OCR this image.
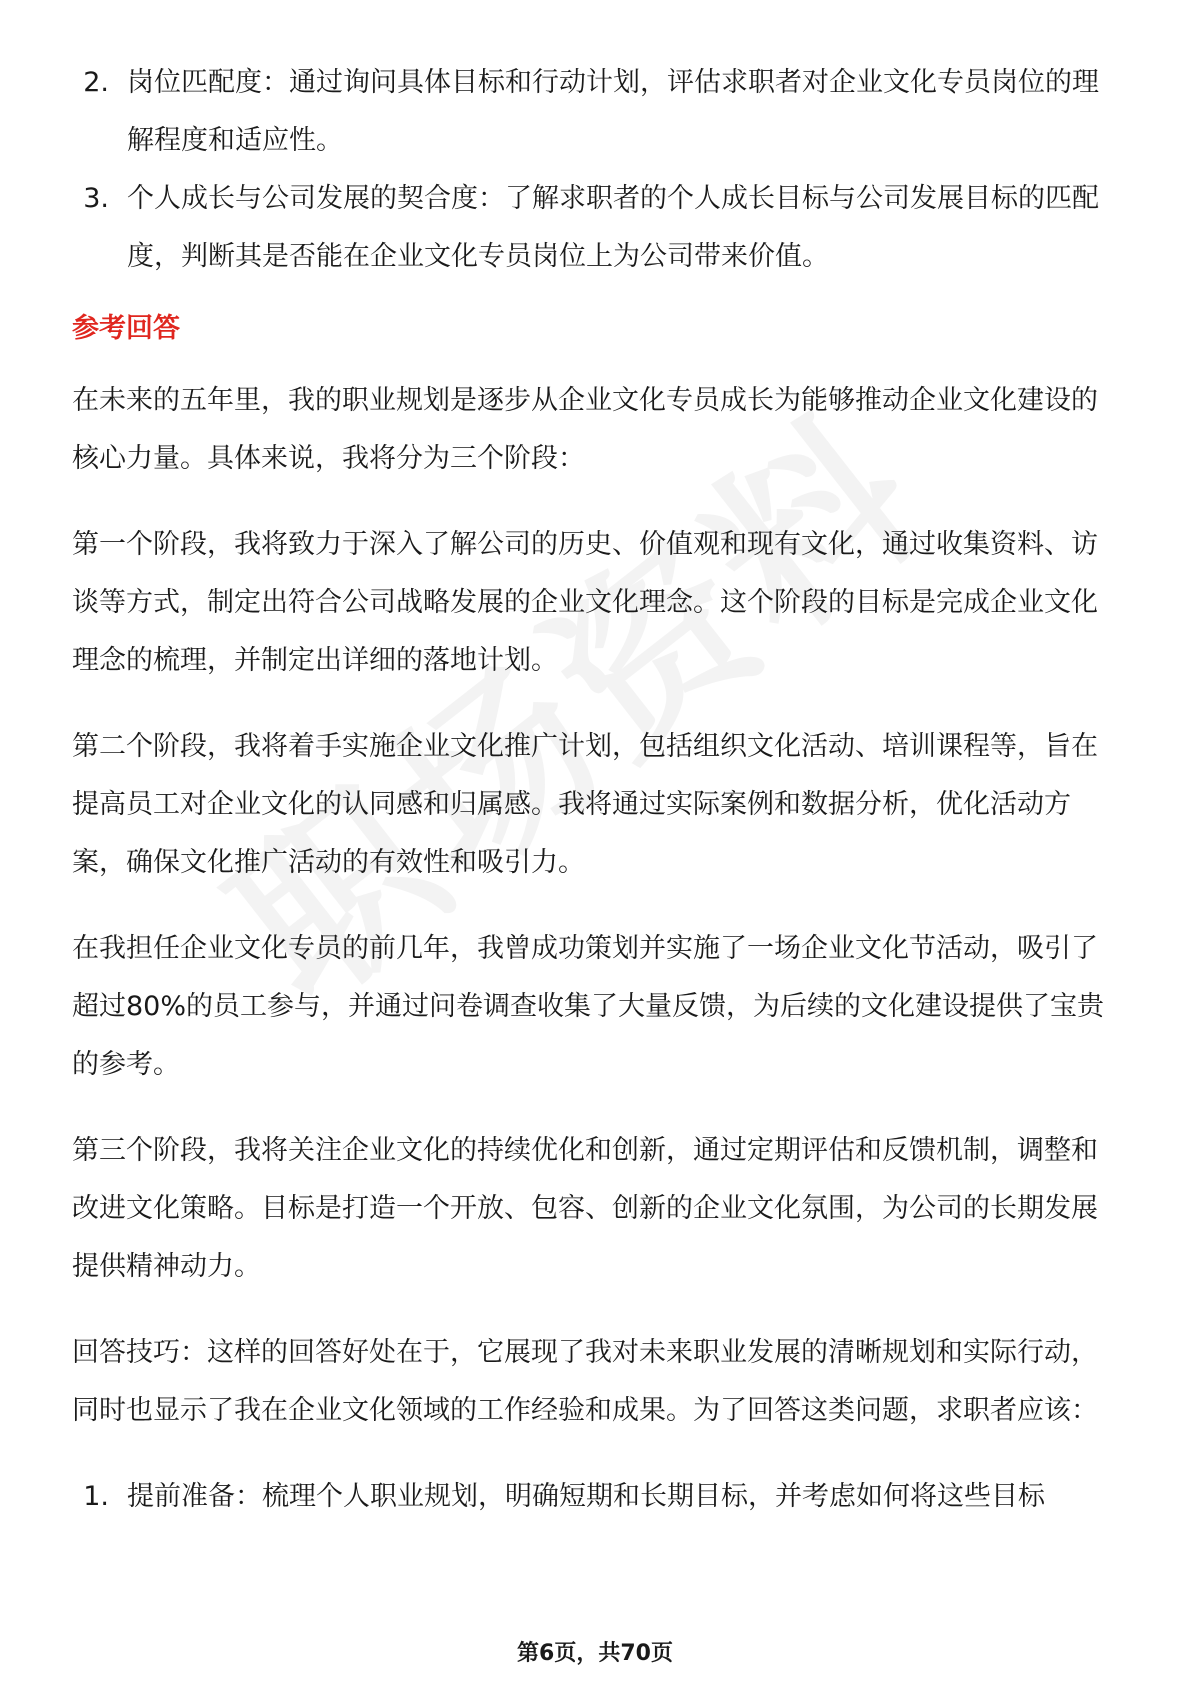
2. 岗位匹配度：通过询问具体目标和行动计划，评估求职者对企业文化专员岗位的理解程度和适应性。
3. 个人成长与公司发展的契合度：了解求职者的个人成长目标与公司发展目标的匹配度，判断其是否能在企业文化专员岗位上为公司带来价值。
参考回答

在未来的五年里，我的职业规划是逐步从企业文化专员成长为能够推动企业文化建设的核心力量。具体来说，我将分为三个阶段：

第一个阶段，我将致力于深入了解公司的历史、价值观和现有文化，通过收集资料、访谈等方式，制定出符合公司战略发展的企业文化理念。这个阶段的目标是完成企业文化理念的梳理，并制定出详细的落地计划。

第二个阶段，我将着手实施企业文化推广计划，包括组织文化活动、培训课程等，旨在提高员工对企业文化的认同感和归属感。我将通过实际案例和数据分析，优化活动方案，确保文化推广活动的有效性和吸引力。

在我担任企业文化专员的前几年，我曾成功策划并实施了一场企业文化节活动，吸引了超过80%的员工参与，并通过问卷调查收集了大量反馈，为后续的文化建设提供了宝贵的参考。

第三个阶段，我将关注企业文化的持续优化和创新，通过定期评估和反馈机制，调整和改进文化策略。目标是打造一个开放、包容、创新的企业文化氛围，为公司的长期发展提供精神动力。

回答技巧：这样的回答好处在于，它展现了我对未来职业发展的清晰规划和实际行动，同时也显示了我在企业文化领域的工作经验和成果。为了回答这类问题，求职者应该：

1. 提前准备：梳理个人职业规划，明确短期和长期目标，并考虑如何将这些目标
第6页，共70页
